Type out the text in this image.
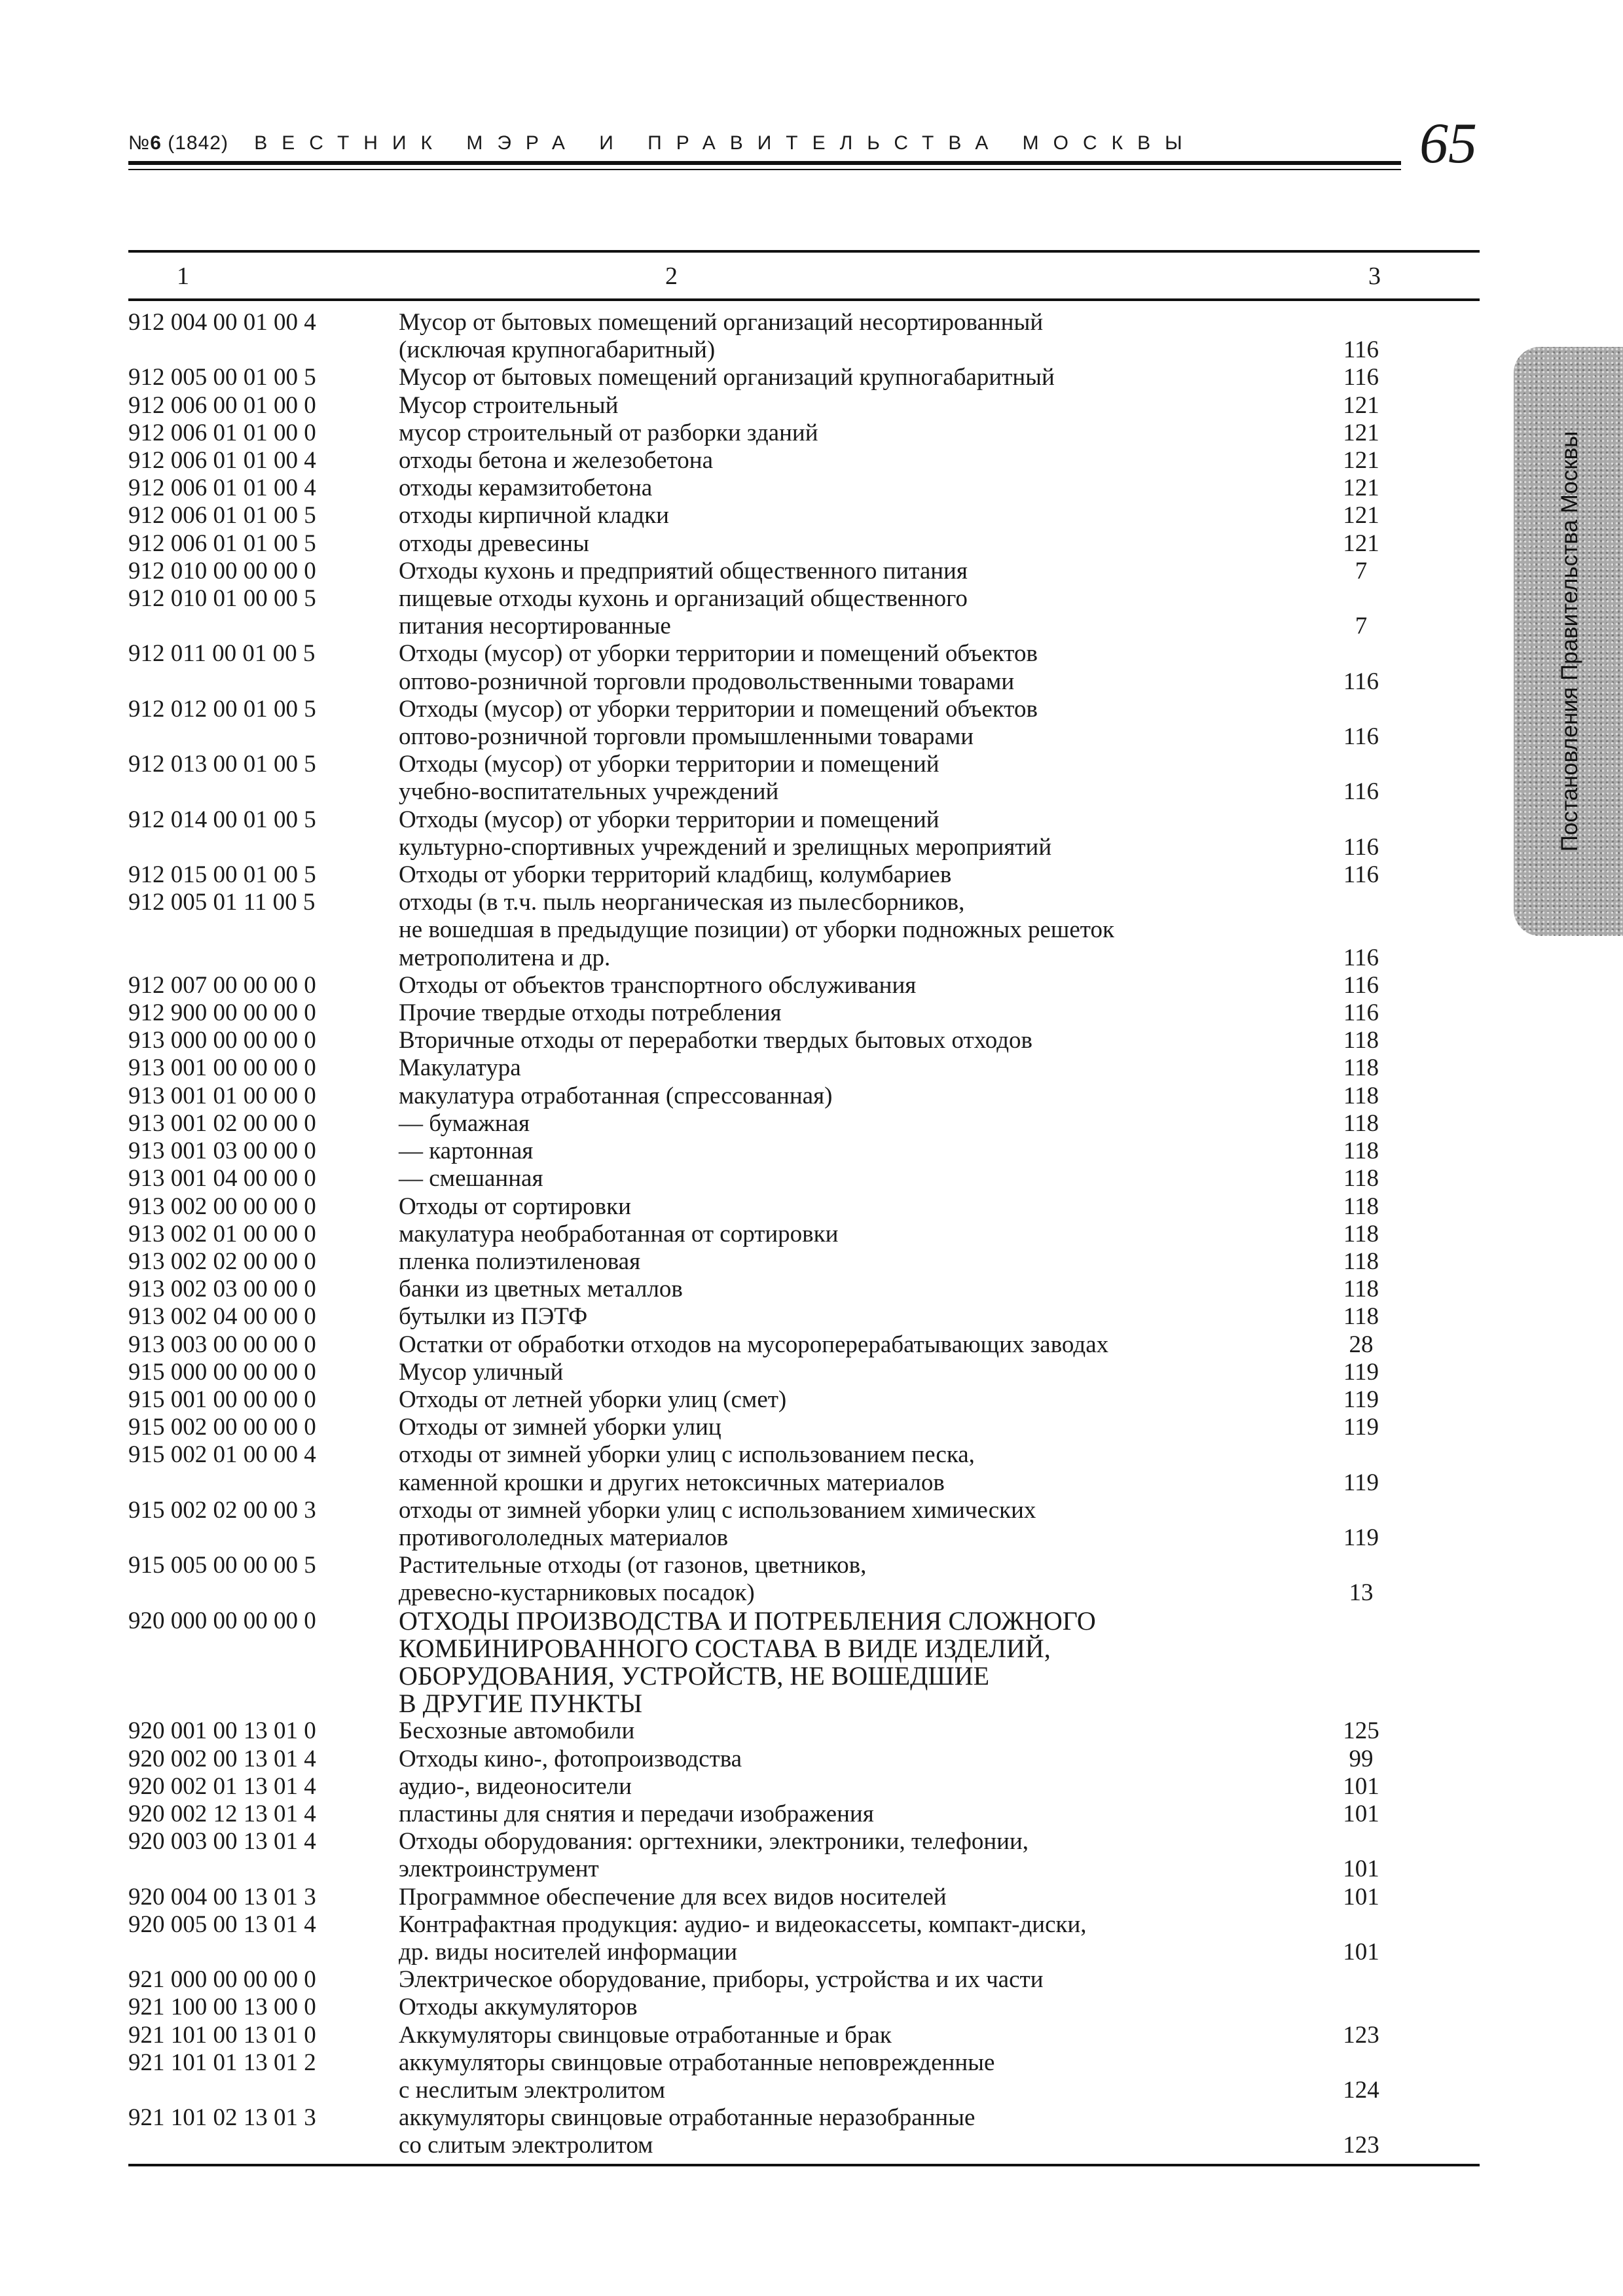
№6 (1842) ВЕСТНИК МЭРА И ПРАВИТЕЛЬСТВА МОСКВЫ	65
Постановления Правительства Москвы
1	2	3
912 004 00 01 00 4	Мусор от бытовых помещений организаций несортированный
(исключая крупногабаритный)	116
912 005 00 01 00 5	Мусор от бытовых помещений организаций крупногабаритный	116
912 006 00 01 00 0	Мусор строительный	121
912 006 01 01 00 0	мусор строительный от разборки зданий	121
912 006 01 01 00 4	отходы бетона и железобетона	121
912 006 01 01 00 4	отходы керамзитобетона	121
912 006 01 01 00 5	отходы кирпичной кладки	121
912 006 01 01 00 5	отходы древесины	121
912 010 00 00 00 0	Отходы кухонь и предприятий общественного питания	7
912 010 01 00 00 5	пищевые отходы кухонь и организаций общественного
питания несортированные	7
912 011 00 01 00 5	Отходы (мусор) от уборки территории и помещений объектов
оптово-розничной торговли продовольственными товарами	116
912 012 00 01 00 5	Отходы (мусор) от уборки территории и помещений объектов
оптово-розничной торговли промышленными товарами	116
912 013 00 01 00 5	Отходы (мусор) от уборки территории и помещений
учебно-воспитательных учреждений	116
912 014 00 01 00 5	Отходы (мусор) от уборки территории и помещений
культурно-спортивных учреждений и зрелищных мероприятий	116
912 015 00 01 00 5	Отходы от уборки территорий кладбищ, колумбариев	116
912 005 01 11 00 5	отходы (в т.ч. пыль неорганическая из пылесборников,
не вошедшая в предыдущие позиции) от уборки подножных решеток
метрополитена и др.	116
912 007 00 00 00 0	Отходы от объектов транспортного обслуживания	116
912 900 00 00 00 0	Прочие твердые отходы потребления	116
913 000 00 00 00 0	Вторичные отходы от переработки твердых бытовых отходов	118
913 001 00 00 00 0	Макулатура	118
913 001 01 00 00 0	макулатура отработанная (спрессованная)	118
913 001 02 00 00 0	— бумажная	118
913 001 03 00 00 0	— картонная	118
913 001 04 00 00 0	— смешанная	118
913 002 00 00 00 0	Отходы от сортировки	118
913 002 01 00 00 0	макулатура необработанная от сортировки	118
913 002 02 00 00 0	пленка полиэтиленовая	118
913 002 03 00 00 0	банки из цветных металлов	118
913 002 04 00 00 0	бутылки из ПЭТФ	118
913 003 00 00 00 0	Остатки от обработки отходов на мусороперерабатывающих заводах	28
915 000 00 00 00 0	Мусор уличный	119
915 001 00 00 00 0	Отходы от летней уборки улиц (смет)	119
915 002 00 00 00 0	Отходы от зимней уборки улиц	119
915 002 01 00 00 4	отходы от зимней уборки улиц с использованием песка,
каменной крошки и других нетоксичных материалов	119
915 002 02 00 00 3	отходы от зимней уборки улиц с использованием химических
противогололедных материалов	119
915 005 00 00 00 5	Растительные отходы (от газонов, цветников,
древесно-кустарниковых посадок)	13
920 000 00 00 00 0	ОТХОДЫ ПРОИЗВОДСТВА И ПОТРЕБЛЕНИЯ СЛОЖНОГО
КОМБИНИРОВАННОГО СОСТАВА В ВИДЕ ИЗДЕЛИЙ,
ОБОРУДОВАНИЯ, УСТРОЙСТВ, НЕ ВОШЕДШИЕ
В ДРУГИЕ ПУНКТЫ
920 001 00 13 01 0	Бесхозные автомобили	125
920 002 00 13 01 4	Отходы кино-, фотопроизводства	99
920 002 01 13 01 4	аудио-, видеоносители	101
920 002 12 13 01 4	пластины для снятия и передачи изображения	101
920 003 00 13 01 4	Отходы оборудования: оргтехники, электроники, телефонии,
электроинструмент	101
920 004 00 13 01 3	Программное обеспечение для всех видов носителей	101
920 005 00 13 01 4	Контрафактная продукция: аудио- и видеокассеты, компакт-диски,
др. виды носителей информации	101
921 000 00 00 00 0	Электрическое оборудование, приборы, устройства и их части
921 100 00 13 00 0	Отходы аккумуляторов
921 101 00 13 01 0	Аккумуляторы свинцовые отработанные и брак	123
921 101 01 13 01 2	аккумуляторы свинцовые отработанные неповрежденные
с неслитым электролитом	124
921 101 02 13 01 3	аккумуляторы свинцовые отработанные неразобранные
со слитым электролитом	123
